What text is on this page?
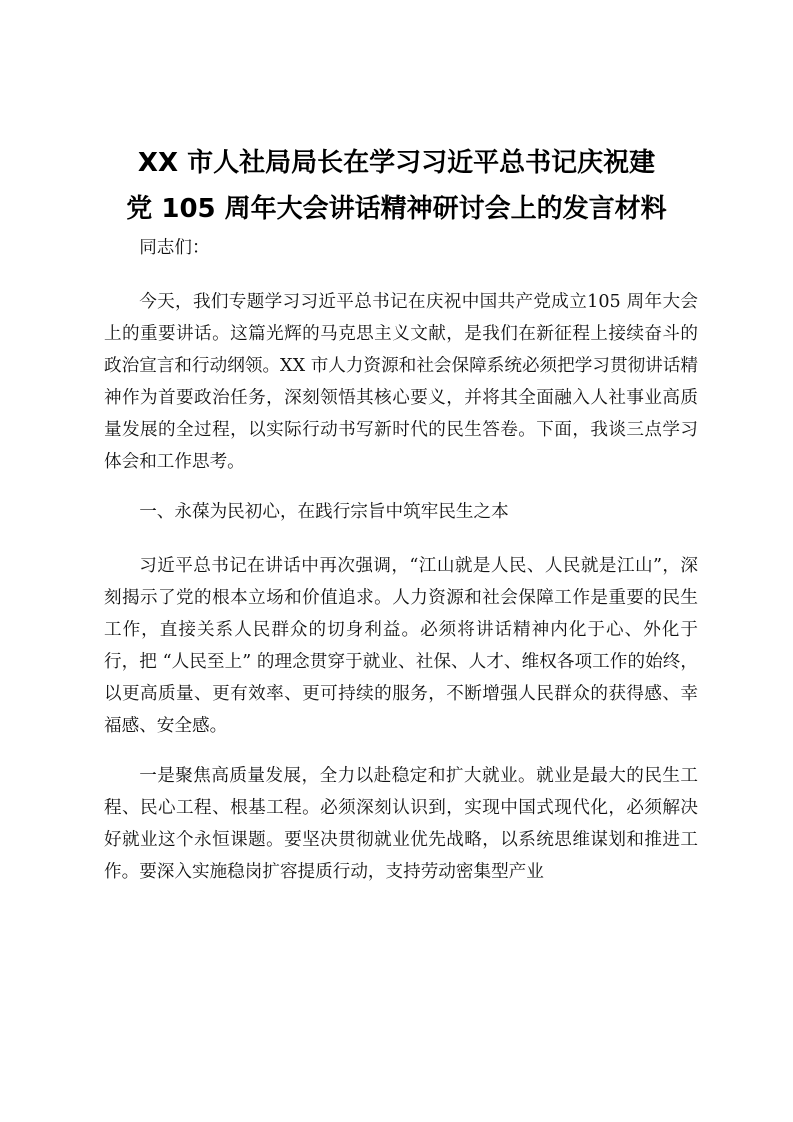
XX 市人社局局长在学习习近平总书记庆祝建
党 105 周年大会讲话精神研讨会上的发言材料

同志们：

今天，我们专题学习习近平总书记在庆祝中国共产党成立105 周年大会上的重要讲话。这篇光辉的马克思主义文献，是我们在新征程上接续奋斗的政治宣言和行动纲领。XX 市人力资源和社会保障系统必须把学习贯彻讲话精神作为首要政治任务，深刻领悟其核心要义，并将其全面融入人社事业高质量发展的全过程，以实际行动书写新时代的民生答卷。下面，我谈三点学习体会和工作思考。

一、永葆为民初心，在践行宗旨中筑牢民生之本

习近平总书记在讲话中再次强调，“江山就是人民、人民就是江山”，深刻揭示了党的根本立场和价值追求。人力资源和社会保障工作是重要的民生工作，直接关系人民群众的切身利益。必须将讲话精神内化于心、外化于行，把 “人民至上” 的理念贯穿于就业、社保、人才、维权各项工作的始终，以更高质量、更有效率、更可持续的服务，不断增强人民群众的获得感、幸福感、安全感。

一是聚焦高质量发展，全力以赴稳定和扩大就业。就业是最大的民生工程、民心工程、根基工程。必须深刻认识到，实现中国式现代化，必须解决好就业这个永恒课题。要坚决贯彻就业优先战略，以系统思维谋划和推进工作。要深入实施稳岗扩容提质行动，支持劳动密集型产业
